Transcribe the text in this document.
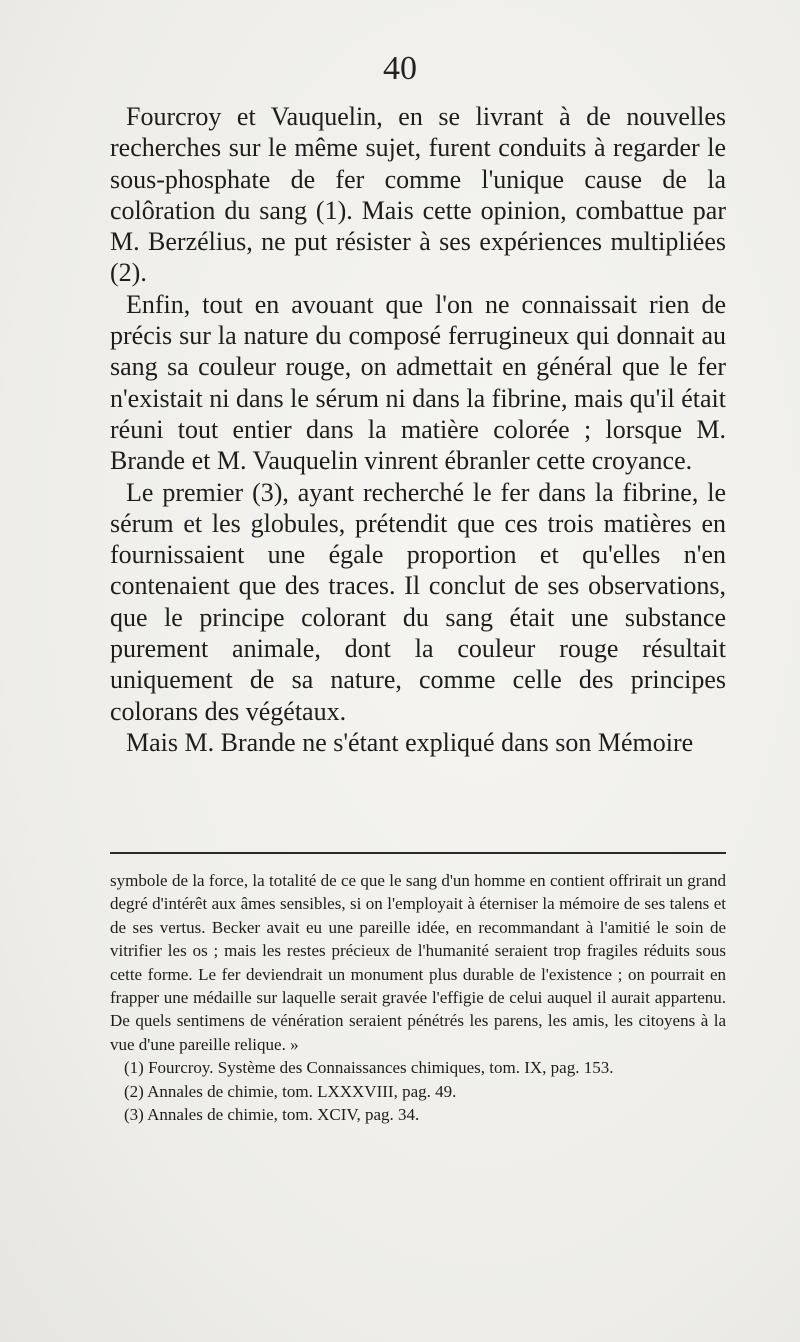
40

Fourcroy et Vauquelin, en se livrant à de nouvelles recherches sur le même sujet, furent conduits à regarder le sous-phosphate de fer comme l'unique cause de la colôration du sang (1). Mais cette opinion, combattue par M. Berzélius, ne put résister à ses expériences multipliées (2).

Enfin, tout en avouant que l'on ne connaissait rien de précis sur la nature du composé ferrugineux qui donnait au sang sa couleur rouge, on admettait en général que le fer n'existait ni dans le sérum ni dans la fibrine, mais qu'il était réuni tout entier dans la matière colorée ; lorsque M. Brande et M. Vauquelin vinrent ébranler cette croyance.

Le premier (3), ayant recherché le fer dans la fibrine, le sérum et les globules, prétendit que ces trois matières en fournissaient une égale proportion et qu'elles n'en contenaient que des traces. Il conclut de ses observations, que le principe colorant du sang était une substance purement animale, dont la couleur rouge résultait uniquement de sa nature, comme celle des principes colorans des végétaux.

Mais M. Brande ne s'étant expliqué dans son Mémoire

symbole de la force, la totalité de ce que le sang d'un homme en contient offrirait un grand degré d'intérêt aux âmes sensibles, si on l'employait à éterniser la mémoire de ses talens et de ses vertus. Becker avait eu une pareille idée, en recommandant à l'amitié le soin de vitrifier les os ; mais les restes précieux de l'humanité seraient trop fragiles réduits sous cette forme. Le fer deviendrait un monument plus durable de l'existence ; on pourrait en frapper une médaille sur laquelle serait gravée l'effigie de celui auquel il aurait appartenu. De quels sentimens de vénération seraient pénétrés les parens, les amis, les citoyens à la vue d'une pareille relique. »

(1) Fourcroy. Système des Connaissances chimiques, tom. IX, pag. 153.

(2) Annales de chimie, tom. LXXXVIII, pag. 49.

(3) Annales de chimie, tom. XCIV, pag. 34.
